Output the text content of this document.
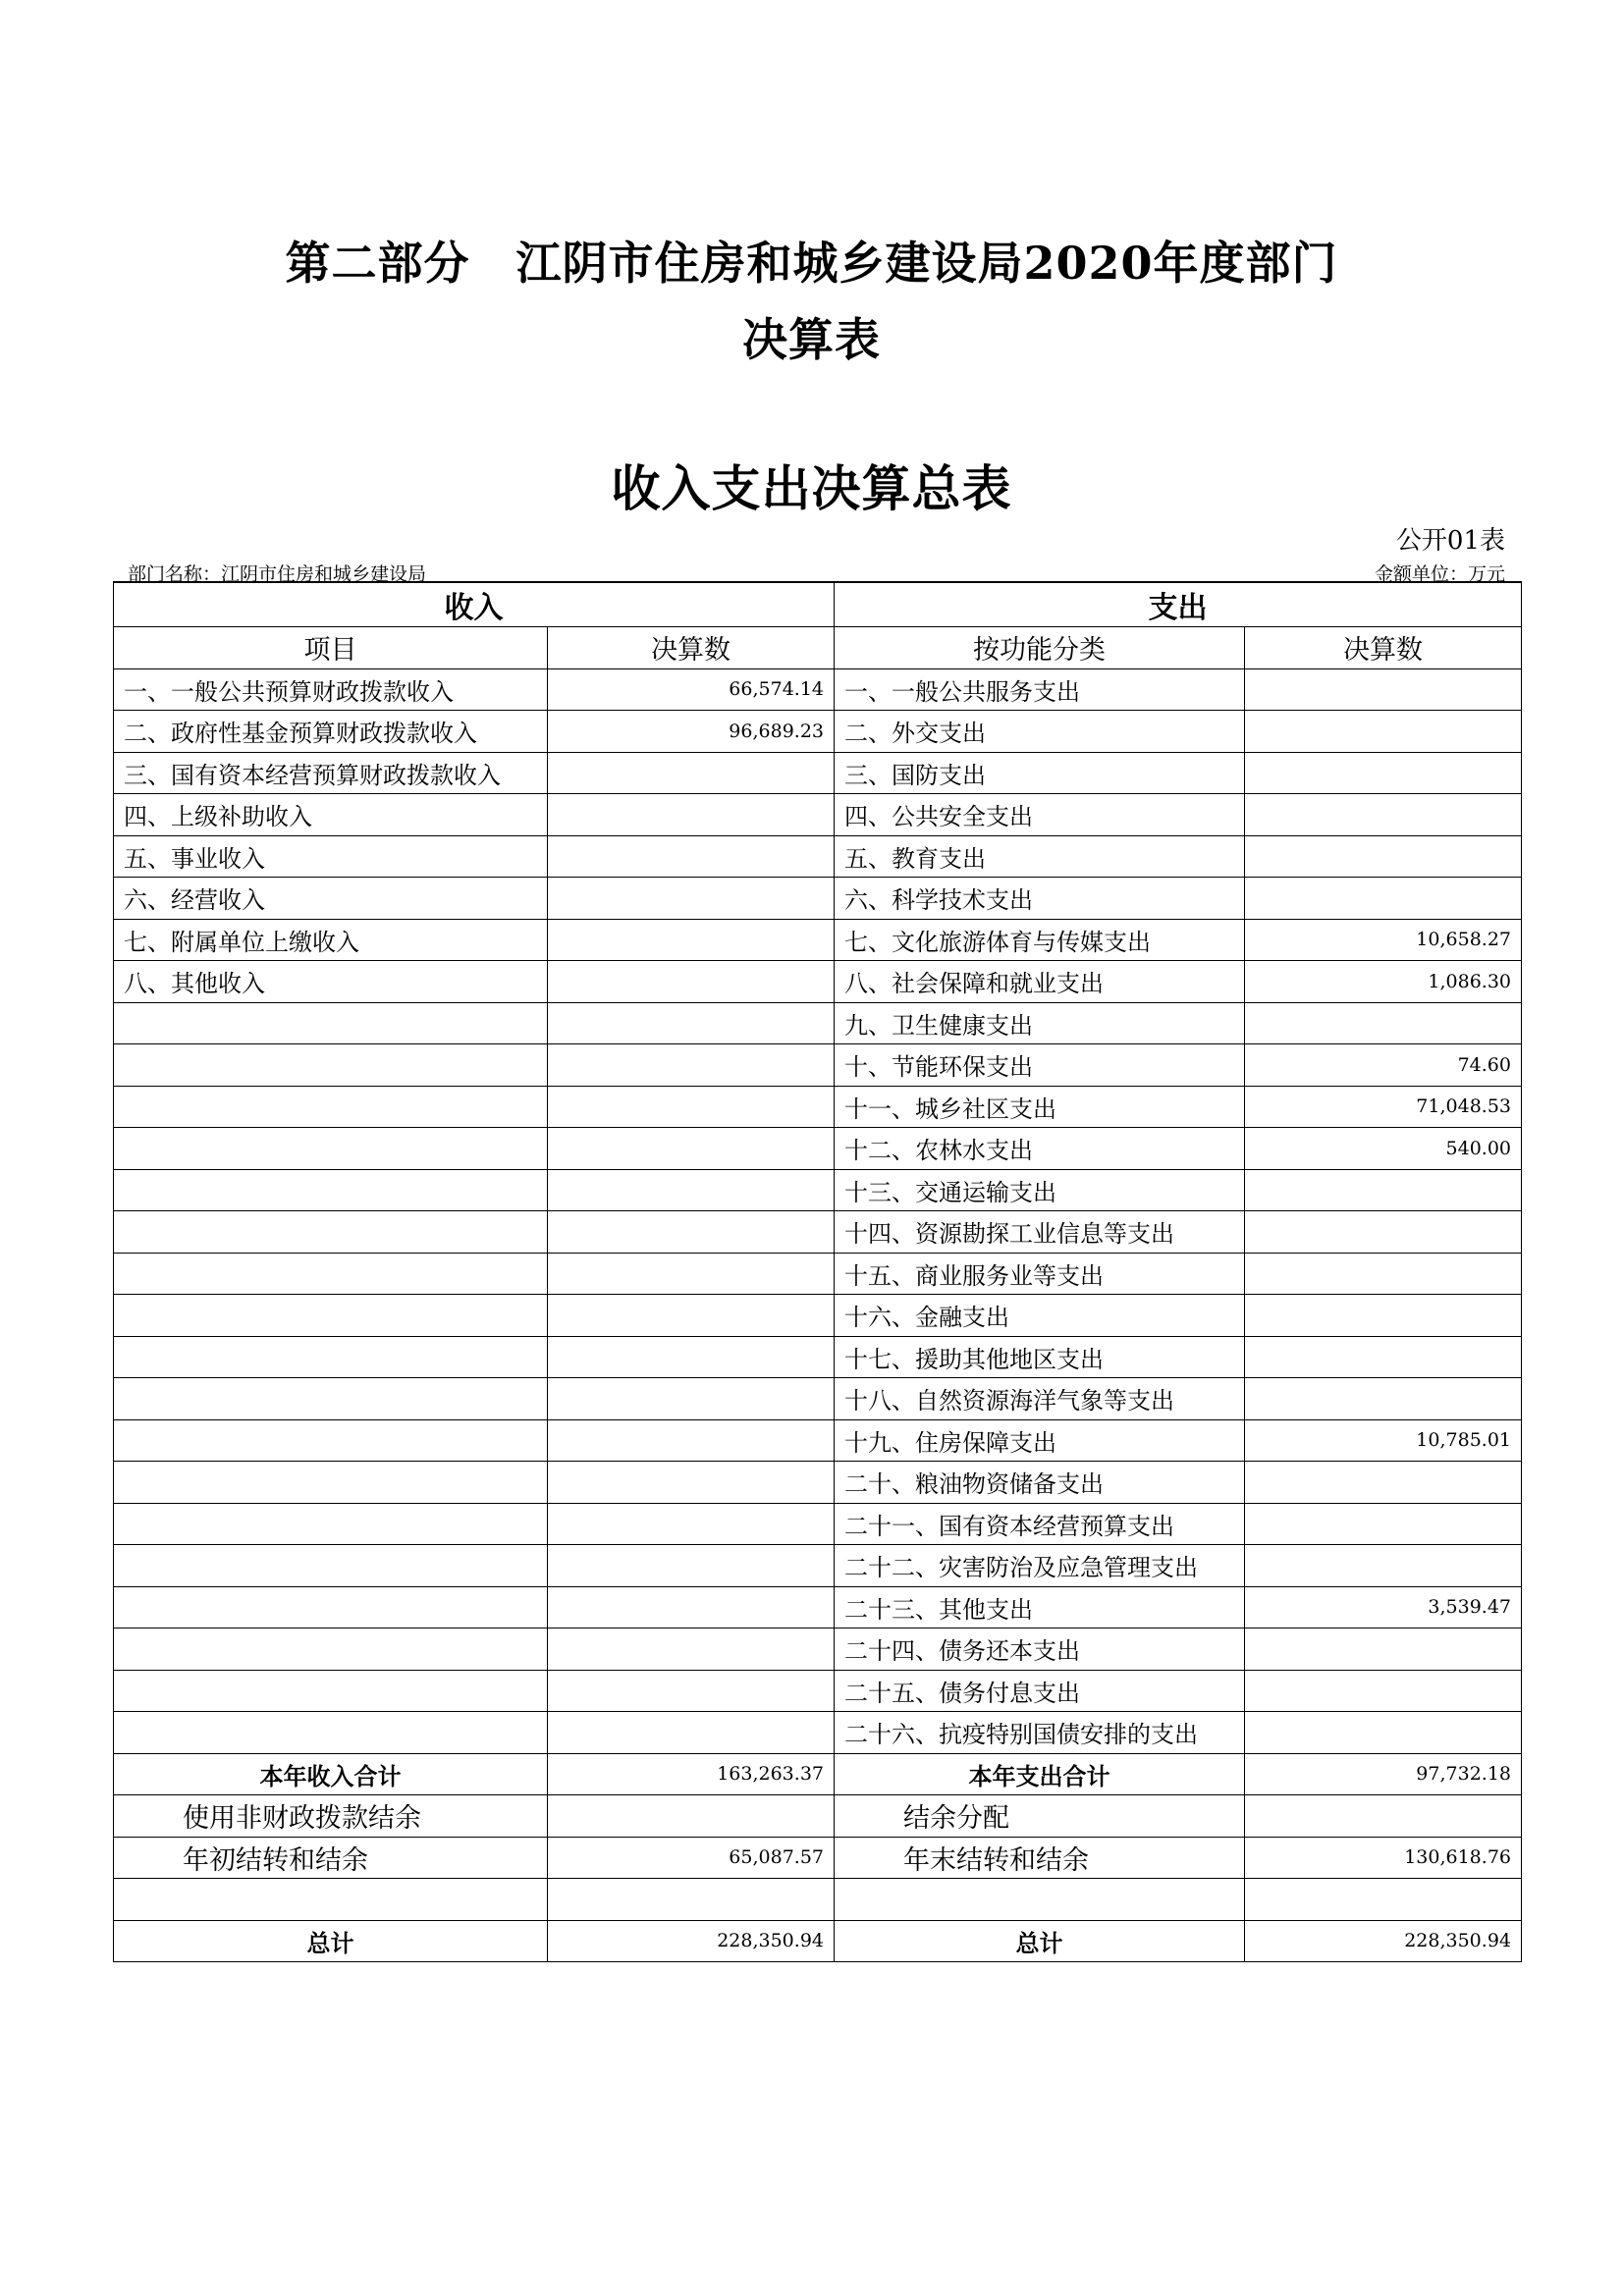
第二部分　江阴市住房和城乡建设局2020年度部门
决算表
收入支出决算总表
公开01表
部门名称：江阴市住房和城乡建设局	金额单位：万元
收入		支出	
项目	决算数	按功能分类	决算数
一、一般公共预算财政拨款收入	66,574.14	一、一般公共服务支出	
二、政府性基金预算财政拨款收入	96,689.23	二、外交支出	
三、国有资本经营预算财政拨款收入		三、国防支出	
四、上级补助收入		四、公共安全支出	
五、事业收入		五、教育支出	
六、经营收入		六、科学技术支出	
七、附属单位上缴收入		七、文化旅游体育与传媒支出	10,658.27
八、其他收入		八、社会保障和就业支出	1,086.30
		九、卫生健康支出	
		十、节能环保支出	74.60
		十一、城乡社区支出	71,048.53
		十二、农林水支出	540.00
		十三、交通运输支出	
		十四、资源勘探工业信息等支出	
		十五、商业服务业等支出	
		十六、金融支出	
		十七、援助其他地区支出	
		十八、自然资源海洋气象等支出	
		十九、住房保障支出	10,785.01
		二十、粮油物资储备支出	
		二十一、国有资本经营预算支出	
		二十二、灾害防治及应急管理支出	
		二十三、其他支出	3,539.47
		二十四、债务还本支出	
		二十五、债务付息支出	
		二十六、抗疫特别国债安排的支出	
本年收入合计	163,263.37	本年支出合计	97,732.18
使用非财政拨款结余		结余分配	
年初结转和结余	65,087.57	年末结转和结余	130,618.76

总计	228,350.94	总计	228,350.94
